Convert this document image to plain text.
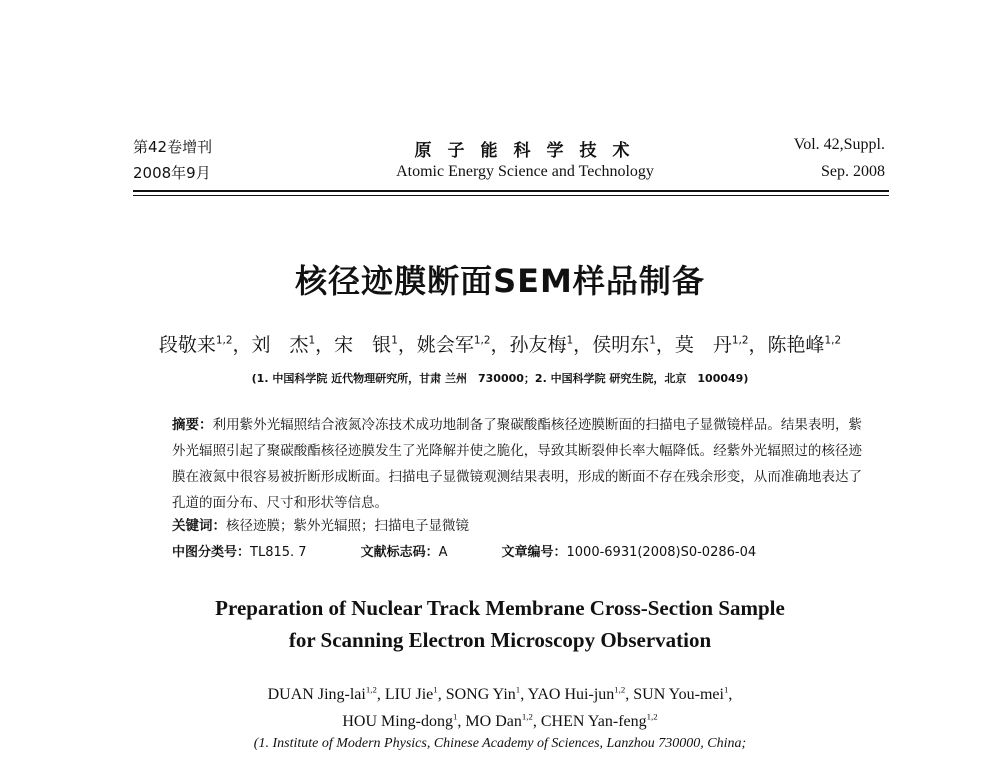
第42卷增刊
2008年9月
原子能科学技术
Atomic Energy Science and Technology
Vol. 42,Suppl.
Sep. 2008
核径迹膜断面SEM样品制备
段敬来$^{1,2}$，刘　杰$^1$，宋　银$^1$，姚会军$^{1,2}$，孙友梅$^1$，侯明东$^1$，莫　丹$^{1,2}$，陈艳峰$^{1,2}$
(1. 中国科学院 近代物理研究所，甘肃 兰州　730000；2. 中国科学院 研究生院，北京　100049)
摘要：利用紫外光辐照结合液氮冷冻技术成功地制备了聚碳酸酯核径迹膜断面的扫描电子显微镜样品。结果表明，紫外光辐照引起了聚碳酸酯核径迹膜发生了光降解并使之脆化，导致其断裂伸长率大幅降低。经紫外光辐照过的核径迹膜在液氮中很容易被折断形成断面。扫描电子显微镜观测结果表明，形成的断面不存在残余形变，从而准确地表达了孔道的面分布、尺寸和形状等信息。
关键词：核径迹膜；紫外光辐照；扫描电子显微镜
中图分类号：TL815. 7	文献标志码：A	文章编号：1000-6931(2008)S0-0286-04
Preparation of Nuclear Track Membrane Cross-Section Sample
for Scanning Electron Microscopy Observation
DUAN Jing-lai$^{1,2}$, LIU Jie$^1$, SONG Yin$^1$, YAO Hui-jun$^{1,2}$, SUN You-mei$^1$,
HOU Ming-dong$^1$, MO Dan$^{1,2}$, CHEN Yan-feng$^{1,2}$
(1. Institute of Modern Physics, Chinese Academy of Sciences, Lanzhou 730000, China;
